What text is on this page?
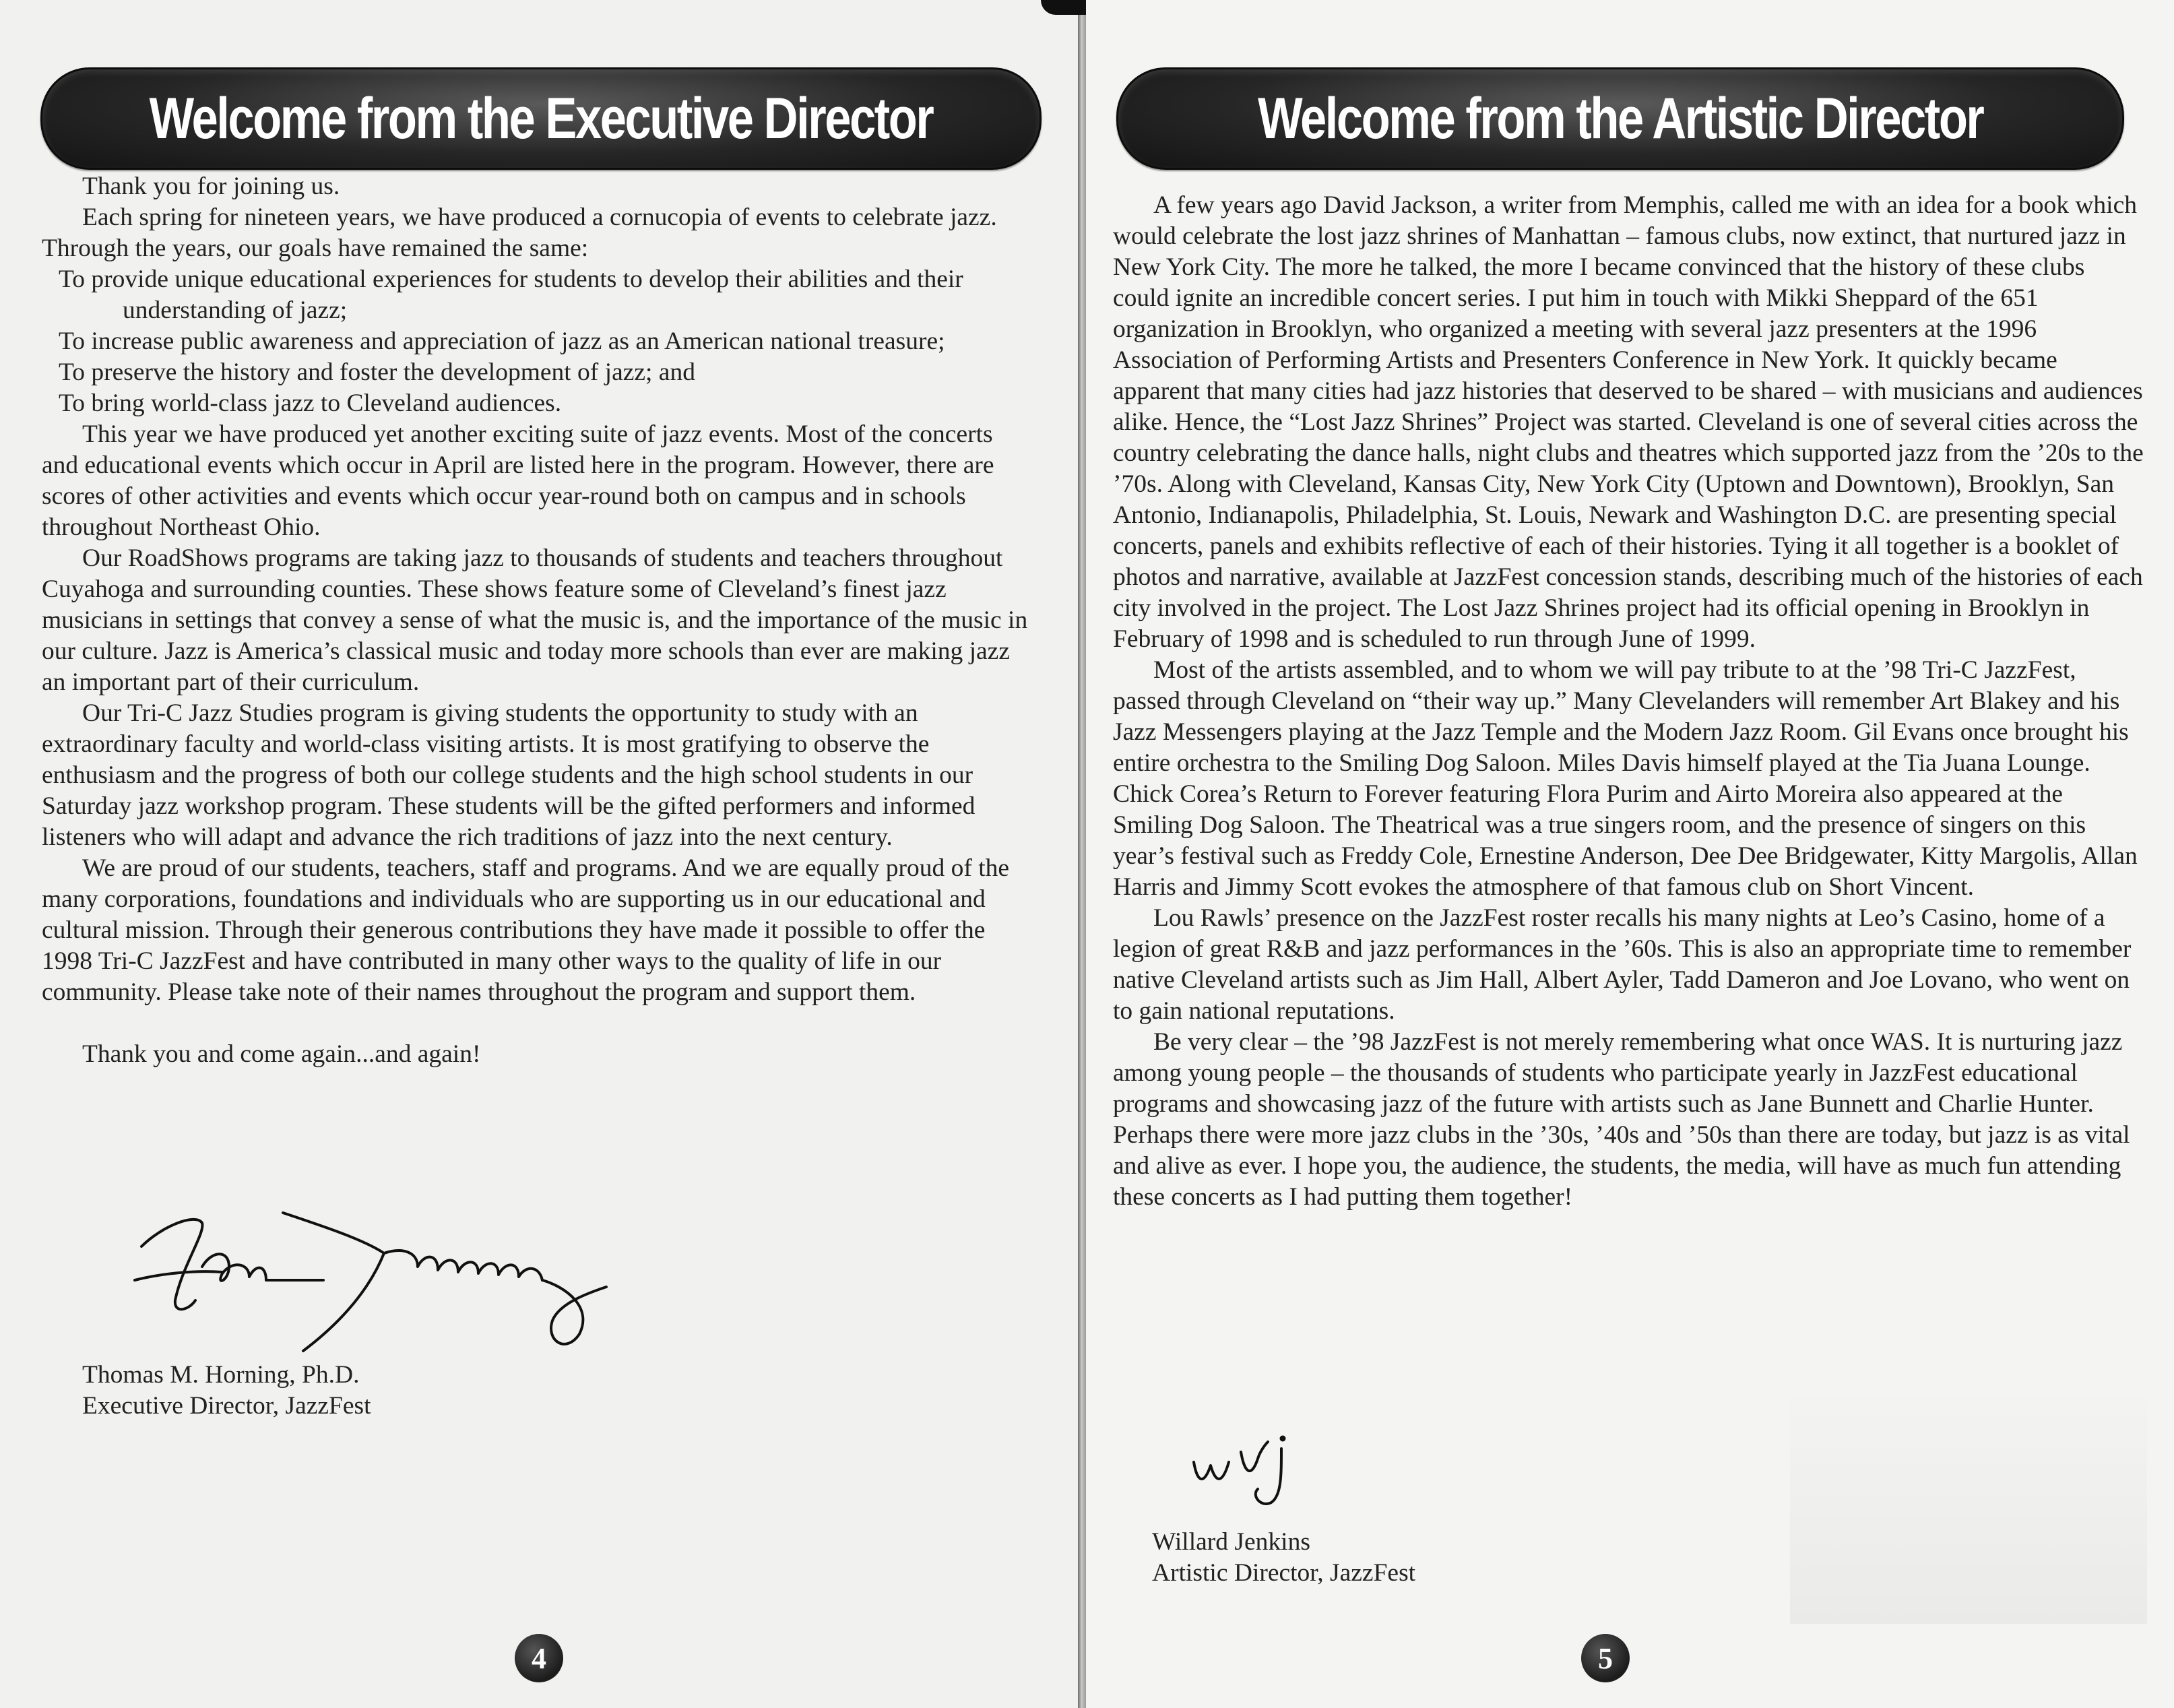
Welcome from the Executive Director

Thank you for joining us.

Each spring for nineteen years, we have produced a cornucopia of events to celebrate jazz. Through the years, our goals have remained the same:

To provide unique educational experiences for students to develop their abilities and their understanding of jazz;

To increase public awareness and appreciation of jazz as an American national treasure;

To preserve the history and foster the development of jazz; and

To bring world-class jazz to Cleveland audiences.

This year we have produced yet another exciting suite of jazz events. Most of the concerts and educational events which occur in April are listed here in the program. However, there are scores of other activities and events which occur year-round both on campus and in schools throughout Northeast Ohio.

Our RoadShows programs are taking jazz to thousands of students and teachers throughout Cuyahoga and surrounding counties. These shows feature some of Cleveland’s finest jazz musicians in settings that convey a sense of what the music is, and the importance of the music in our culture. Jazz is America’s classical music and today more schools than ever are making jazz an important part of their curriculum.

Our Tri-C Jazz Studies program is giving students the opportunity to study with an extraordinary faculty and world-class visiting artists. It is most gratifying to observe the enthusiasm and the progress of both our college students and the high school students in our Saturday jazz workshop program. These students will be the gifted performers and informed listeners who will adapt and advance the rich traditions of jazz into the next century.

We are proud of our students, teachers, staff and programs. And we are equally proud of the many corporations, foundations and individuals who are supporting us in our educational and cultural mission. Through their generous contributions they have made it possible to offer the 1998 Tri-C JazzFest and have contributed in many other ways to the quality of life in our community. Please take note of their names throughout the program and support them.

Thank you and come again...and again!

Thomas M. Horning, Ph.D.
Executive Director, JazzFest
4
Welcome from the Artistic Director

A few years ago David Jackson, a writer from Memphis, called me with an idea for a book which would celebrate the lost jazz shrines of Manhattan – famous clubs, now extinct, that nurtured jazz in New York City. The more he talked, the more I became convinced that the history of these clubs could ignite an incredible concert series. I put him in touch with Mikki Sheppard of the 651 organization in Brooklyn, who organized a meeting with several jazz presenters at the 1996 Association of Performing Artists and Presenters Conference in New York. It quickly became apparent that many cities had jazz histories that deserved to be shared – with musicians and audiences alike. Hence, the “Lost Jazz Shrines” Project was started. Cleveland is one of several cities across the country celebrating the dance halls, night clubs and theatres which supported jazz from the ’20s to the ’70s. Along with Cleveland, Kansas City, New York City (Uptown and Downtown), Brooklyn, San Antonio, Indianapolis, Philadelphia, St. Louis, Newark and Washington D.C. are presenting special concerts, panels and exhibits reflective of each of their histories. Tying it all together is a booklet of photos and narrative, available at JazzFest concession stands, describing much of the histories of each city involved in the project. The Lost Jazz Shrines project had its official opening in Brooklyn in February of 1998 and is scheduled to run through June of 1999.

Most of the artists assembled, and to whom we will pay tribute to at the ’98 Tri-C JazzFest, passed through Cleveland on “their way up.” Many Clevelanders will remember Art Blakey and his Jazz Messengers playing at the Jazz Temple and the Modern Jazz Room. Gil Evans once brought his entire orchestra to the Smiling Dog Saloon. Miles Davis himself played at the Tia Juana Lounge. Chick Corea’s Return to Forever featuring Flora Purim and Airto Moreira also appeared at the Smiling Dog Saloon. The Theatrical was a true singers room, and the presence of singers on this year’s festival such as Freddy Cole, Ernestine Anderson, Dee Dee Bridgewater, Kitty Margolis, Allan Harris and Jimmy Scott evokes the atmosphere of that famous club on Short Vincent.

Lou Rawls’ presence on the JazzFest roster recalls his many nights at Leo’s Casino, home of a legion of great R&B and jazz performances in the ’60s. This is also an appropriate time to remember native Cleveland artists such as Jim Hall, Albert Ayler, Tadd Dameron and Joe Lovano, who went on to gain national reputations.

Be very clear – the ’98 JazzFest is not merely remembering what once WAS. It is nurturing jazz among young people – the thousands of students who participate yearly in JazzFest educational programs and showcasing jazz of the future with artists such as Jane Bunnett and Charlie Hunter. Perhaps there were more jazz clubs in the ’30s, ’40s and ’50s than there are today, but jazz is as vital and alive as ever. I hope you, the audience, the students, the media, will have as much fun attending these concerts as I had putting them together!

Willard Jenkins
Artistic Director, JazzFest
5
